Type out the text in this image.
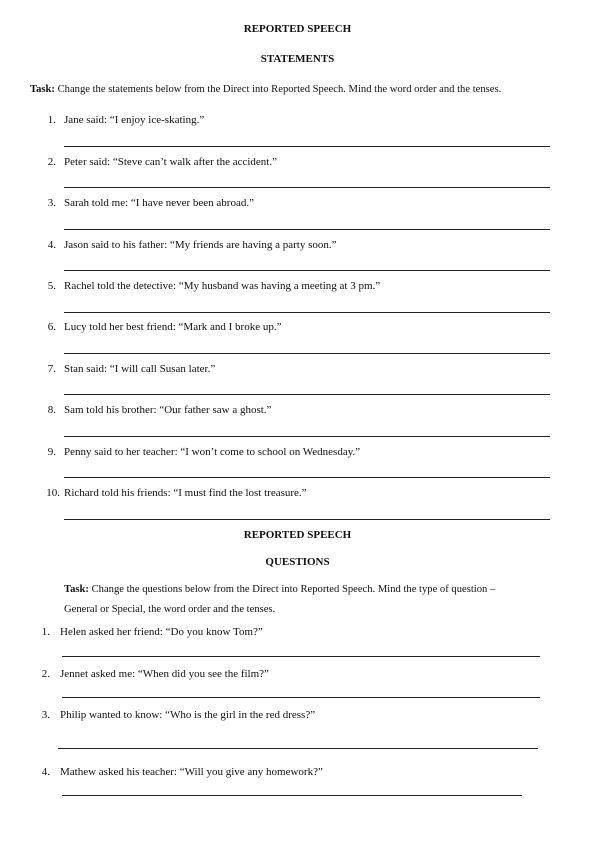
REPORTED SPEECH
STATEMENTS
Task: Change the statements below from the Direct into Reported Speech. Mind the word order and the tenses.
1. Jane said: “I enjoy ice-skating.”
2. Peter said: “Steve can’t walk after the accident.”
3. Sarah told me: “I have never been abroad.”
4. Jason said to his father: “My friends are having a party soon.”
5. Rachel told the detective: “My husband was having a meeting at 3 pm.”
6. Lucy told her best friend: “Mark and I broke up.”
7. Stan said: “I will call Susan later.”
8. Sam told his brother: “Our father saw a ghost.”
9. Penny said to her teacher: “I won’t come to school on Wednesday.”
10. Richard told his friends: “I must find the lost treasure.”
REPORTED SPEECH
QUESTIONS
Task: Change the questions below from the Direct into Reported Speech. Mind the type of question –
General or Special, the word order and the tenses.
1. Helen asked her friend: “Do you know Tom?”
2. Jennet asked me: “When did you see the film?”
3. Philip wanted to know: “Who is the girl in the red dress?”
4. Mathew asked his teacher: “Will you give any homework?”
